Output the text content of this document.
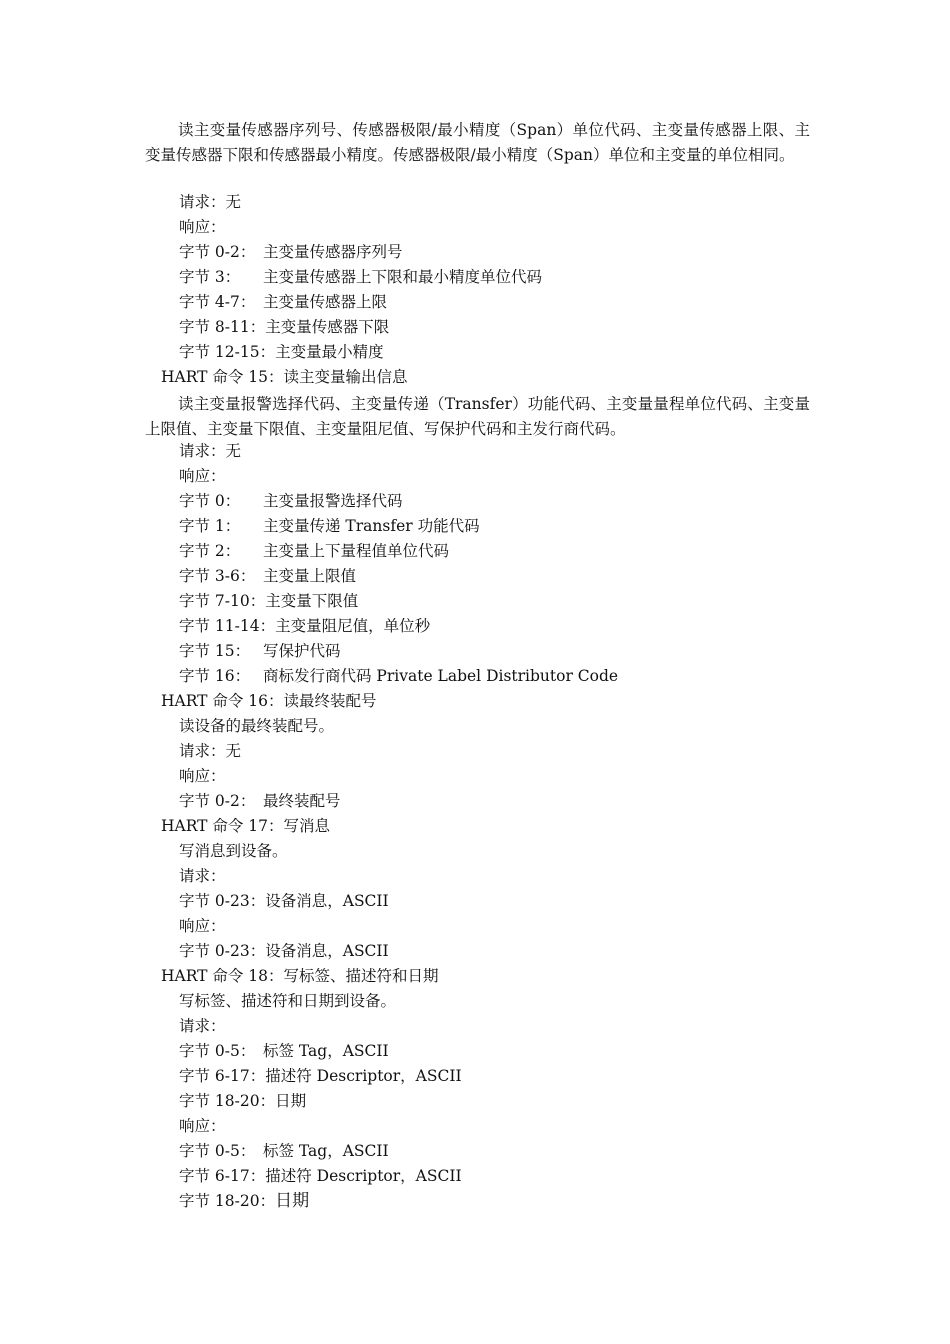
读主变量传感器序列号、传感器极限/最小精度（Span）单位代码、主变量传感器上限、主变量传感器下限和传感器最小精度。传感器极限/最小精度（Span）单位和主变量的单位相同。
请求：无
响应：
字节 0-2： 主变量传感器序列号
字节 3： 主变量传感器上下限和最小精度单位代码
字节 4-7： 主变量传感器上限
字节 8-11：主变量传感器下限
字节 12-15：主变量最小精度
HART 命令 15：读主变量输出信息
读主变量报警选择代码、主变量传递（Transfer）功能代码、主变量量程单位代码、主变量上限值、主变量下限值、主变量阻尼值、写保护代码和主发行商代码。
请求：无
响应：
字节 0： 主变量报警选择代码
字节 1： 主变量传递 Transfer 功能代码
字节 2： 主变量上下量程值单位代码
字节 3-6： 主变量上限值
字节 7-10：主变量下限值
字节 11-14：主变量阻尼值，单位秒
字节 15： 写保护代码
字节 16： 商标发行商代码 Private Label Distributor Code
HART 命令 16：读最终装配号
读设备的最终装配号。
请求：无
响应：
字节 0-2： 最终装配号
HART 命令 17：写消息
写消息到设备。
请求：
字节 0-23：设备消息，ASCII
响应：
字节 0-23：设备消息，ASCII
HART 命令 18：写标签、描述符和日期
写标签、描述符和日期到设备。
请求：
字节 0-5： 标签 Tag，ASCII
字节 6-17：描述符 Descriptor，ASCII
字节 18-20：日期
响应：
字节 0-5： 标签 Tag，ASCII
字节 6-17：描述符 Descriptor，ASCII
字节 18-20：日期
